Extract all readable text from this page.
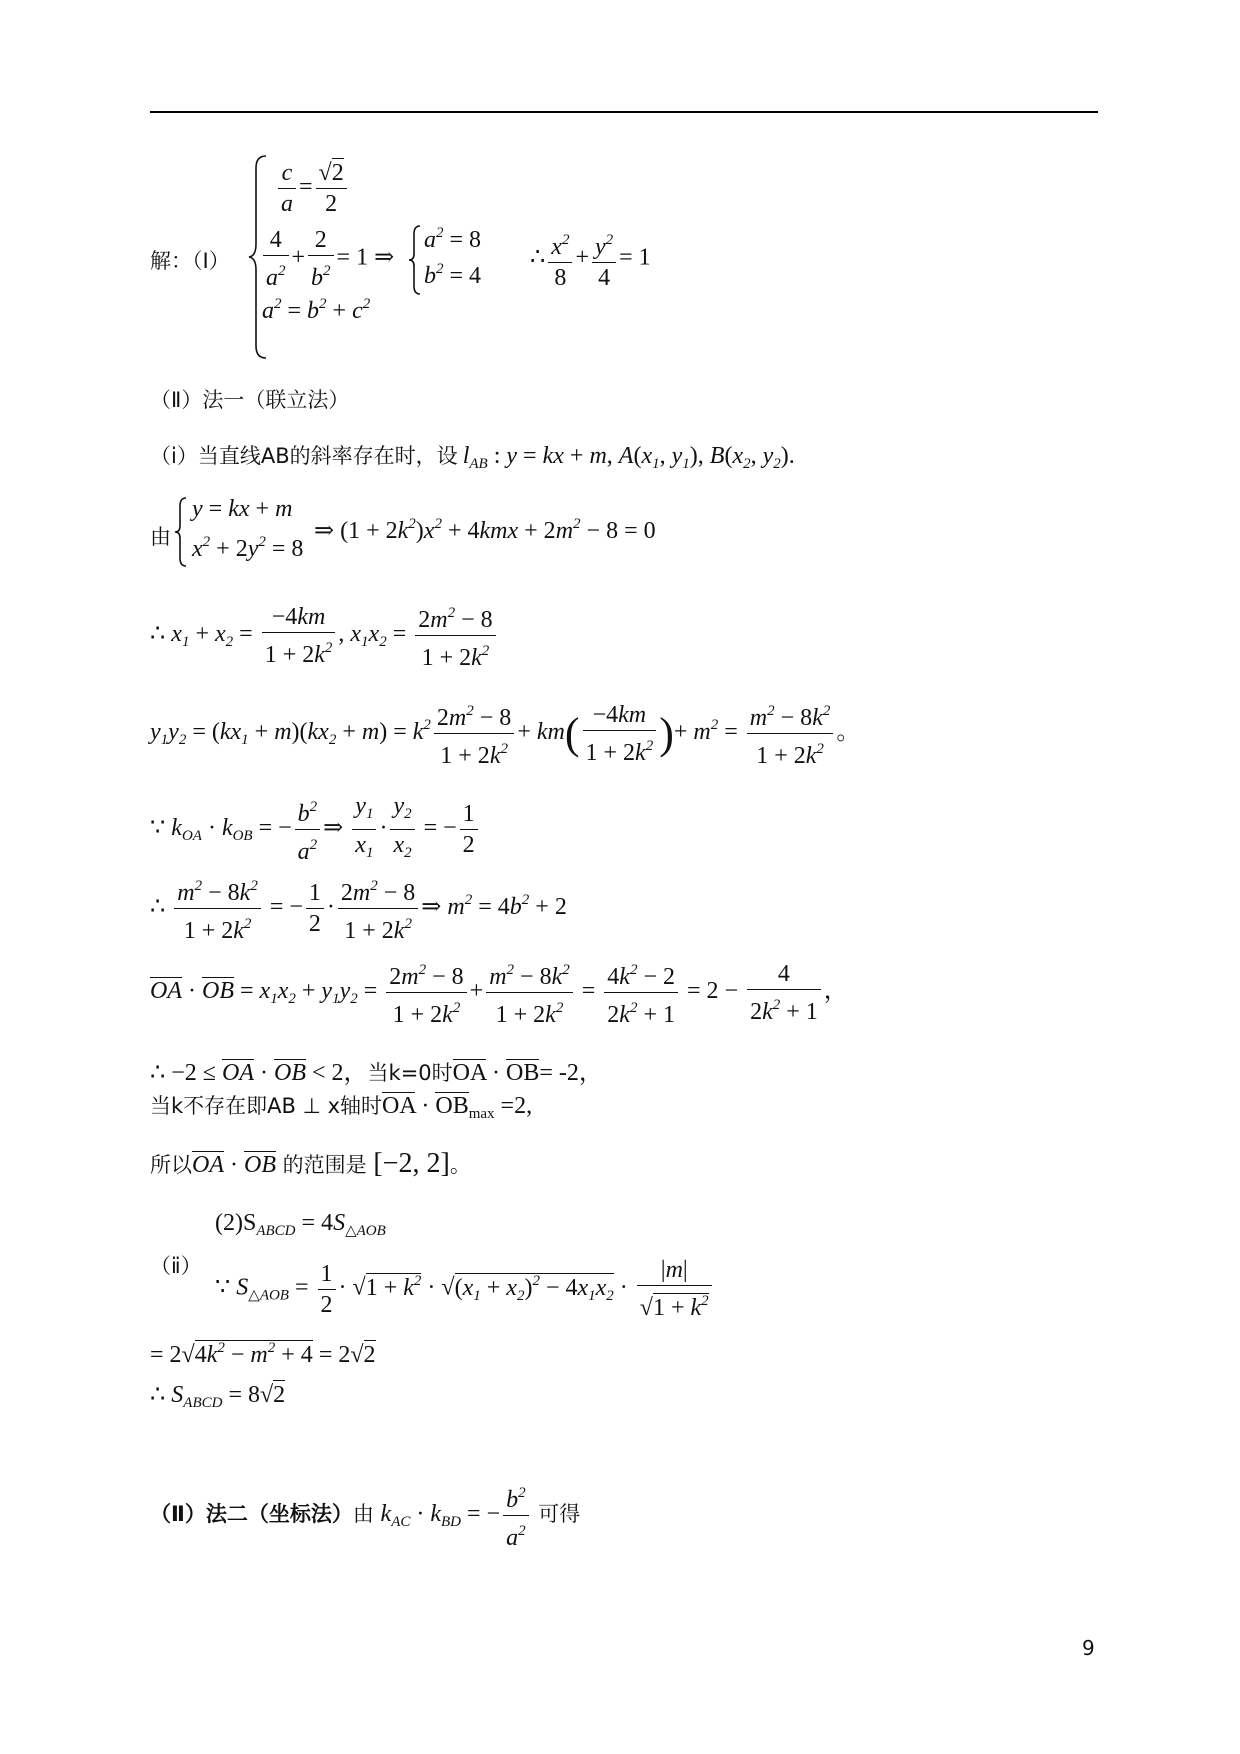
解：（Ⅰ）
$\frac{c}{a} = \frac{√2}{2}$
$\frac{4}{a^2} + \frac{2}{b^2} = 1$ ⇒
$a^2 = 8$
$b^2 = 4$
∴ $\frac{x^2}{8} + \frac{y^2}{4} = 1$
$a^2 = b^2 + c^2$
（Ⅱ）法一（联立法）
（ⅰ）当直线AB的斜率存在时，设 $l_{AB}$ : y = kx + m, $A(x_1$, $y_1$), $B(x_2$, $y_2$).
由
y = kx + m
$x^2 + 2y^2 = 8$
⇒ $(1 + 2k^2)x^2 + 4kmx + 2m^2 - 8 = 0$
∴ $x_1 + x_2 = \frac{-4km}{1 + 2k^2}$ , $x_1x_2 = \frac{2m^2 - 8}{1 + 2k^2}$
$y_1y_2 = (kx_1 + m)(kx_2 + m) = k^2 \frac{2m^2 - 8}{1 + 2k^2} + km( \frac{-4km}{1 + 2k^2}$ )+ $m^2 = \frac{m^2 - 8k^2}{1 + 2k^2}$ 。
∵ $k_{OA} \cdot k_{OB}$ = − $\frac{b^2}{a^2}$ ⇒ $\frac{y_1}{x_1} \cdot \frac{y_2}{x_2}$ = − $\frac{1}{2}$
∴ $\frac{m^2 - 8k^2}{1 + 2k^2}$ = − $\frac{1}{2} \cdot \frac{2m^2 - 8}{1 + 2k^2}$ ⇒ $m^2 = 4b^2 + 2$
OA · OB = $x_1x_2 + y_1y_2 = \frac{2m^2 - 8}{1 + 2k^2} + \frac{m^2 - 8k^2}{1 + 2k^2} = \frac{4k^2 - 2}{2k^2 + 1} = 2 - \frac{4}{2k^2 + 1}$ ，
∴ −2 ≤ OA · OB < 2，当k=0时OA · OB= -2，
当k不存在即AB ⊥ x轴时OA · $OB_{max} =2$,
所以OA · OB 的范围是 [−2, 2]。
$(2)S_{ABCD} = 4S_{\triangle AOB}$
（ⅱ）
∵ $S_{\triangle AOB} = \frac{1}{2} \cdot √1 + k^2 \cdot √(x_1 + x_2)^2 - 4x_1x_2 \cdot \frac{|m|}{√1 + k^2}$
= $2√4k^2 - m^2 + 4 = 2√2$
∴ $S_{ABCD} = 8√2$
（Ⅱ）法二（坐标法）由 $k_{AC} \cdot k_{BD}$ = − $\frac{b^2}{a^2}$ 可得
9
